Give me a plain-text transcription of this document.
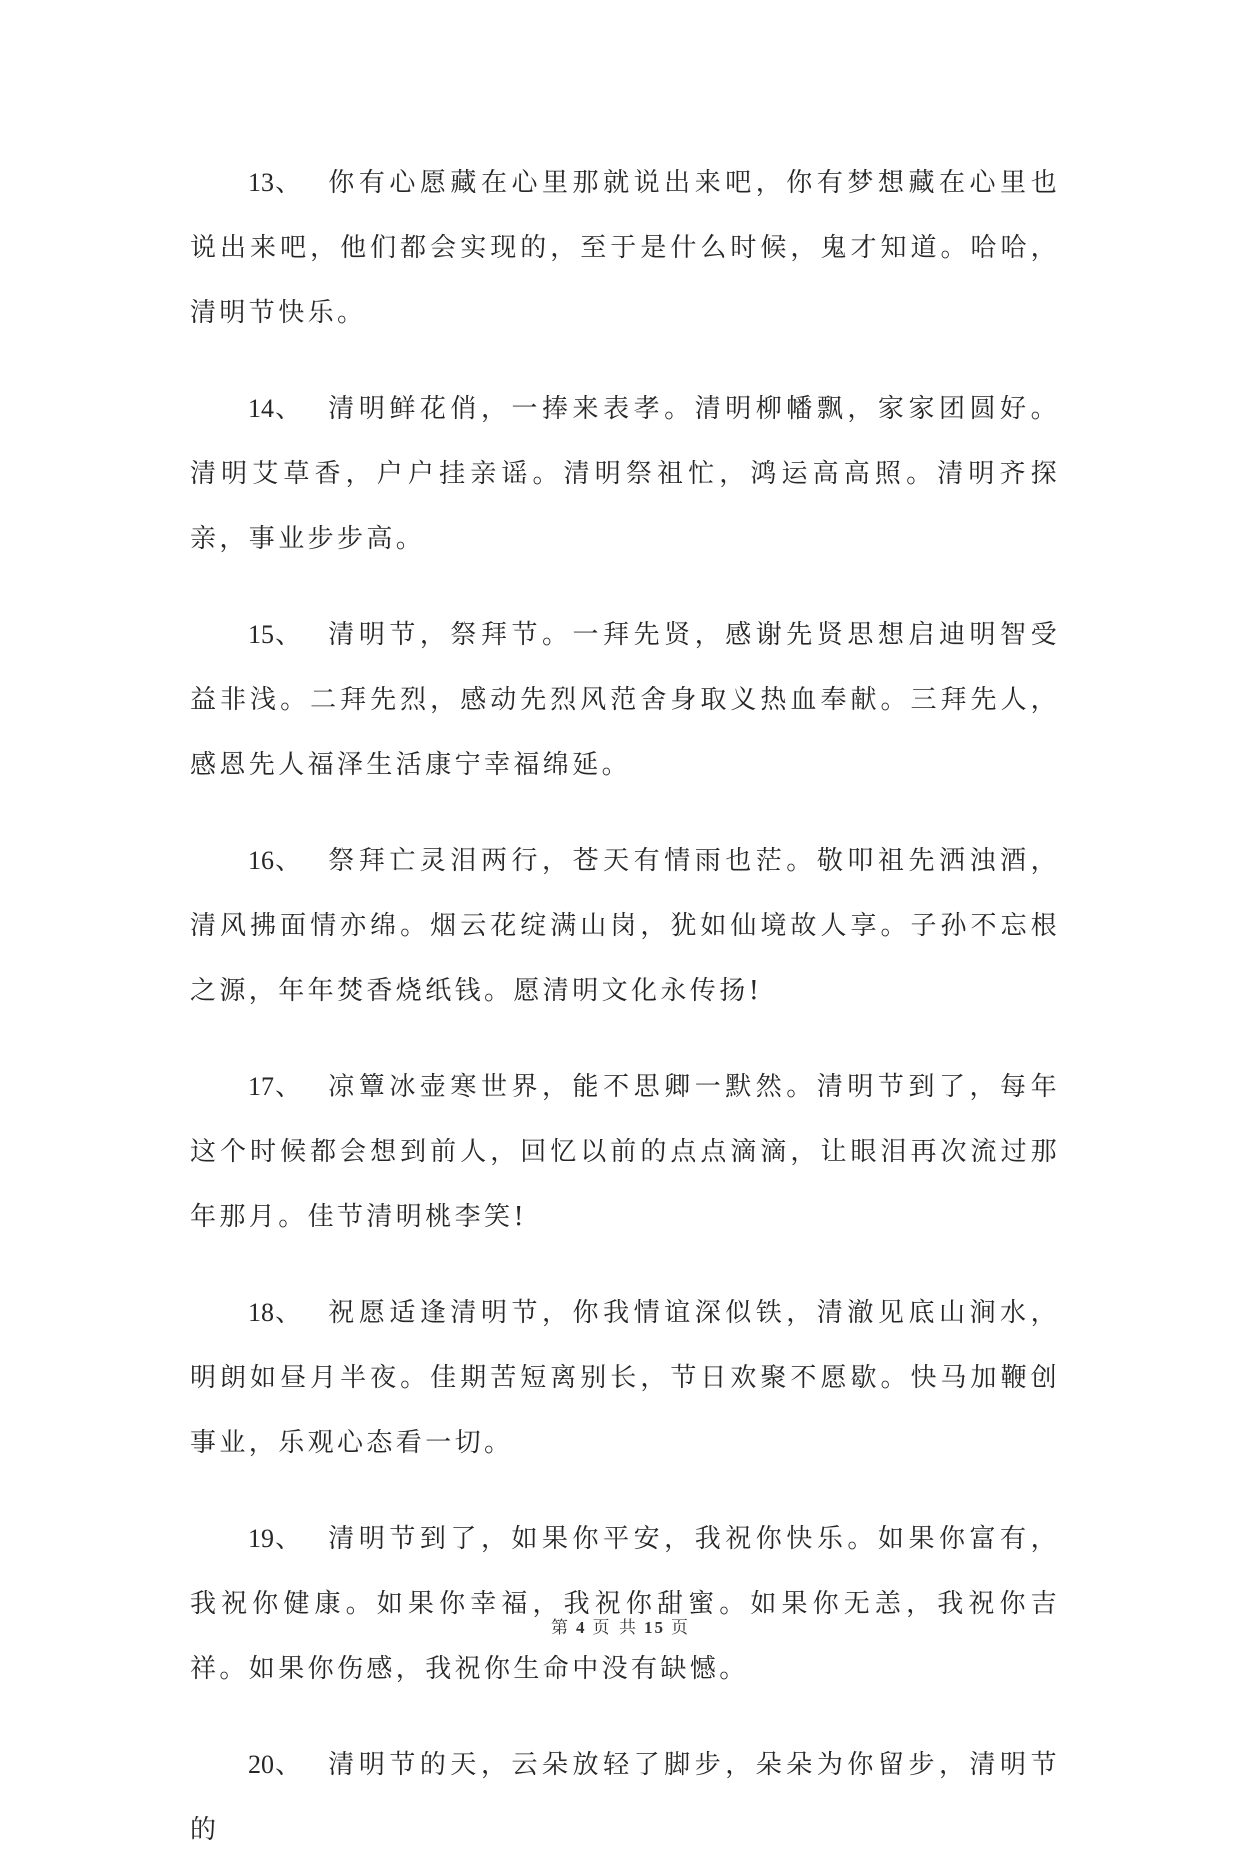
13、 你有心愿藏在心里那就说出来吧，你有梦想藏在心里也说出来吧，他们都会实现的，至于是什么时候，鬼才知道。哈哈，清明节快乐。

14、 清明鲜花俏，一捧来表孝。清明柳幡飘，家家团圆好。清明艾草香，户户挂亲谣。清明祭祖忙，鸿运高高照。清明齐探亲，事业步步高。

15、 清明节，祭拜节。一拜先贤，感谢先贤思想启迪明智受益非浅。二拜先烈，感动先烈风范舍身取义热血奉献。三拜先人，感恩先人福泽生活康宁幸福绵延。

16、 祭拜亡灵泪两行，苍天有情雨也茫。敬叩祖先洒浊酒，清风拂面情亦绵。烟云花绽满山岗，犹如仙境故人享。子孙不忘根之源，年年焚香烧纸钱。愿清明文化永传扬!

17、 凉簟冰壶寒世界，能不思卿一默然。清明节到了，每年这个时候都会想到前人，回忆以前的点点滴滴，让眼泪再次流过那年那月。佳节清明桃李笑!

18、 祝愿适逢清明节，你我情谊深似铁，清澈见底山涧水，明朗如昼月半夜。佳期苦短离别长，节日欢聚不愿歇。快马加鞭创事业，乐观心态看一切。

19、 清明节到了，如果你平安，我祝你快乐。如果你富有，我祝你健康。如果你幸福，我祝你甜蜜。如果你无恙，我祝你吉祥。如果你伤感，我祝你生命中没有缺憾。

20、 清明节的天，云朵放轻了脚步，朵朵为你留步，清明节的

第 4 页 共 15 页
